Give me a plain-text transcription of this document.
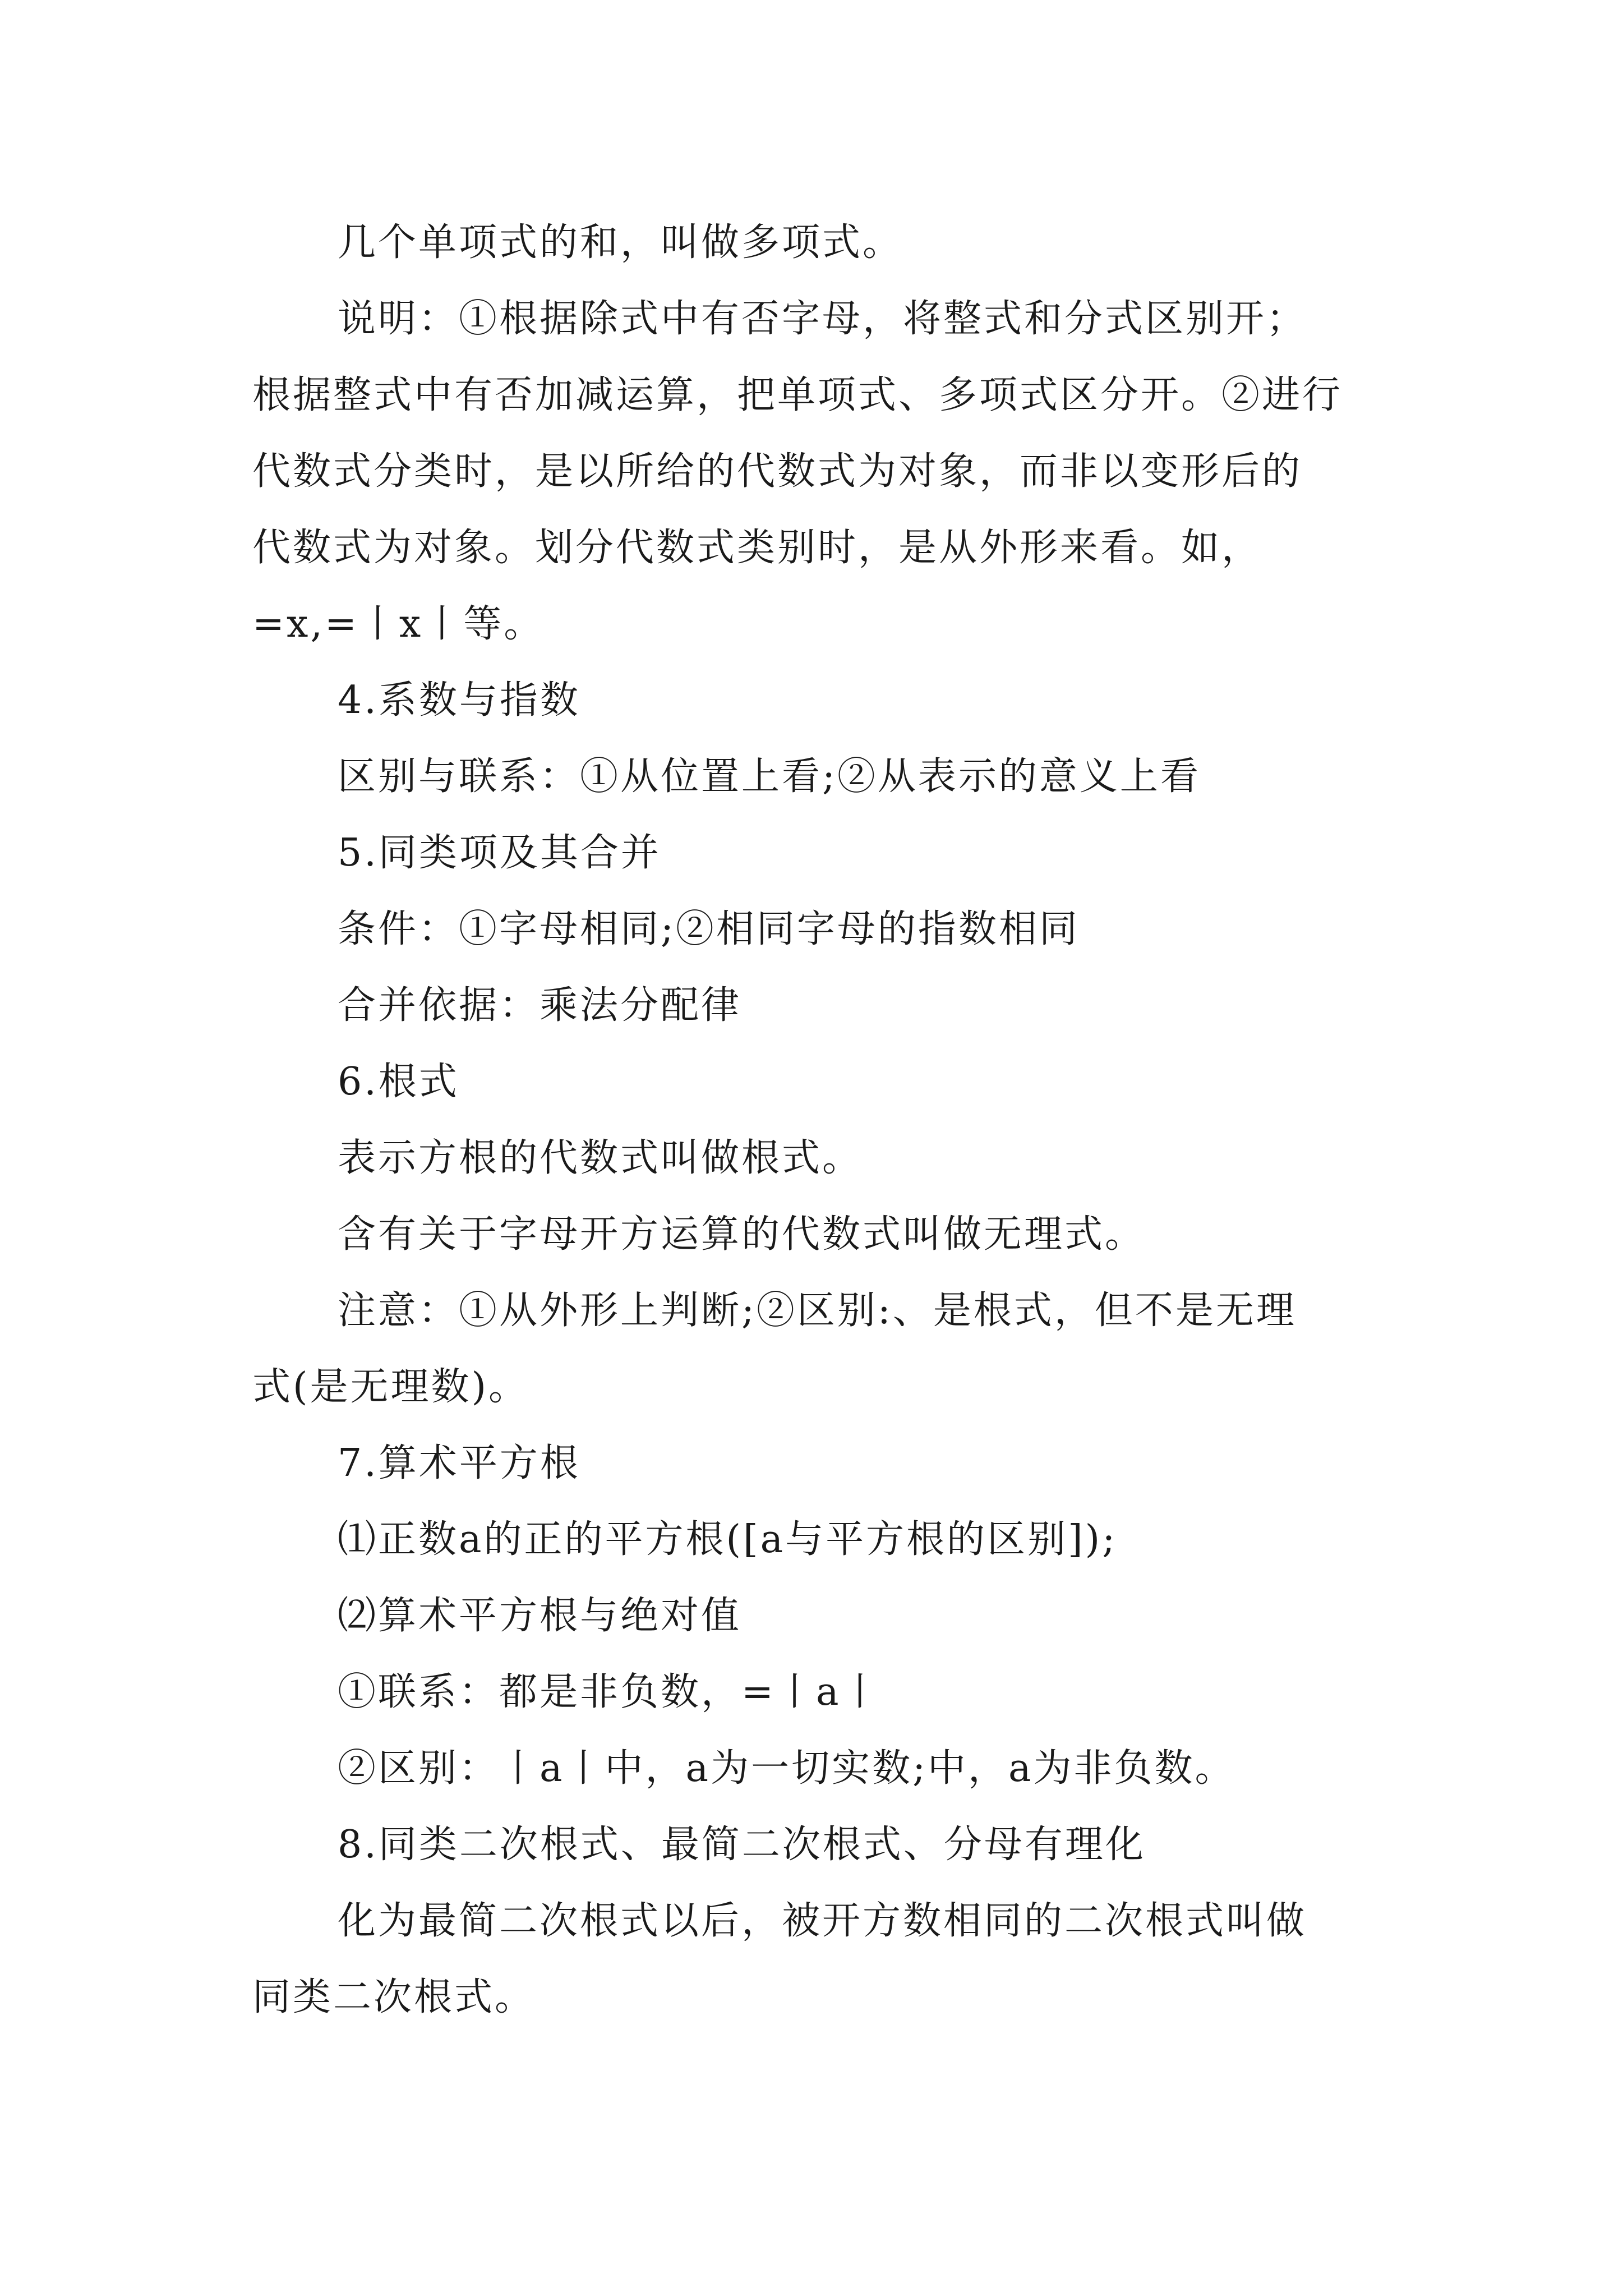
几个单项式的和，叫做多项式。

说明：①根据除式中有否字母，将整式和分式区别开；
根据整式中有否加减运算，把单项式、多项式区分开。②进行
代数式分类时，是以所给的代数式为对象，而非以变形后的
代数式为对象。划分代数式类别时，是从外形来看。如，
=x,=丨x丨等。

4.系数与指数

区别与联系：①从位置上看;②从表示的意义上看

5.同类项及其合并

条件：①字母相同;②相同字母的指数相同

合并依据：乘法分配律

6.根式

表示方根的代数式叫做根式。

含有关于字母开方运算的代数式叫做无理式。

注意：①从外形上判断;②区别:、是根式，但不是无理
式(是无理数)。

7.算术平方根

⑴正数a的正的平方根([a与平方根的区别]);

⑵算术平方根与绝对值

①联系：都是非负数，=丨a丨

②区别：丨a丨中，a为一切实数;中，a为非负数。

8.同类二次根式、最简二次根式、分母有理化

化为最简二次根式以后，被开方数相同的二次根式叫做
同类二次根式。
